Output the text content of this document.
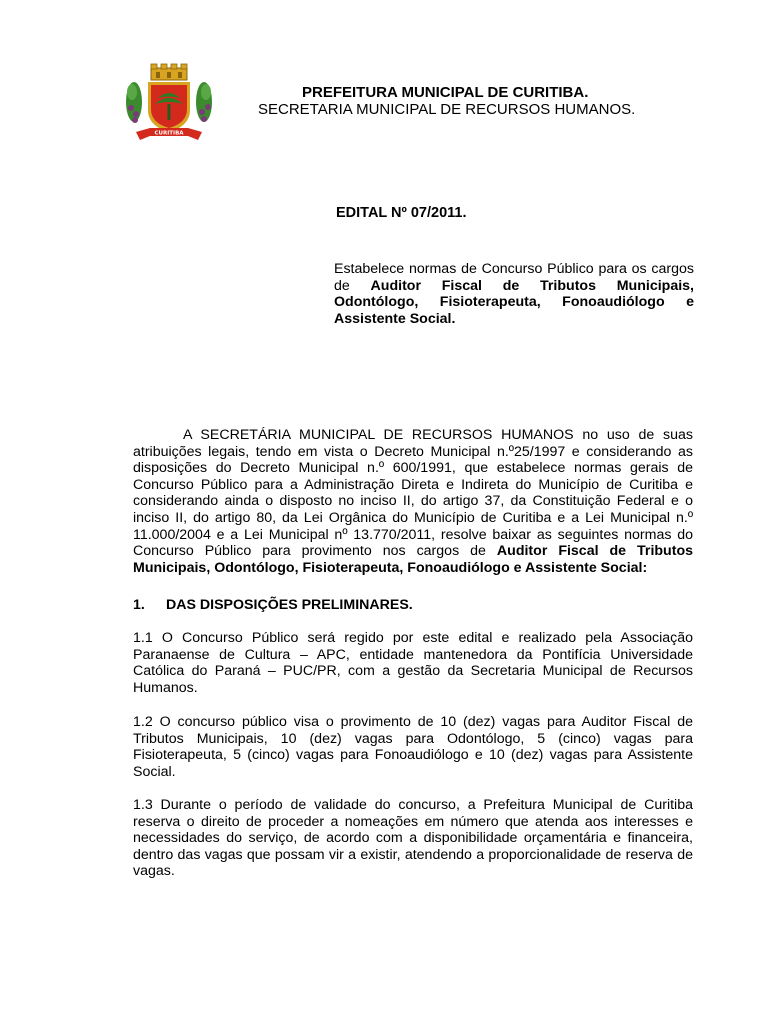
CURITIBA
PREFEITURA MUNICIPAL DE CURITIBA.
SECRETARIA MUNICIPAL DE RECURSOS HUMANOS.
EDITAL Nº 07/2011.
Estabelece normas de Concurso Público para os cargos
de Auditor Fiscal de Tributos Municipais,
Odontólogo, Fisioterapeuta, Fonoaudiólogo e
Assistente Social.
A SECRETÁRIA MUNICIPAL DE RECURSOS HUMANOS no uso de suas
atribuições legais, tendo em vista o Decreto Municipal n.º25/1997 e considerando as
disposições do Decreto Municipal n.º 600/1991, que estabelece normas gerais de
Concurso Público para a Administração Direta e Indireta do Município de Curitiba e
considerando ainda o disposto no inciso II, do artigo 37, da Constituição Federal e o
inciso II, do artigo 80, da Lei Orgânica do Município de Curitiba e a Lei Municipal n.º
11.000/2004 e a Lei Municipal nº 13.770/2011, resolve baixar as seguintes normas do
Concurso Público para provimento nos cargos de Auditor Fiscal de Tributos
Municipais, Odontólogo, Fisioterapeuta, Fonoaudiólogo e Assistente Social:
1. DAS DISPOSIÇÕES PRELIMINARES.
1.1 O Concurso Público será regido por este edital e realizado pela Associação
Paranaense de Cultura – APC, entidade mantenedora da Pontifícia Universidade
Católica do Paraná – PUC/PR, com a gestão da Secretaria Municipal de Recursos
Humanos.
1.2 O concurso público visa o provimento de 10 (dez) vagas para Auditor Fiscal de
Tributos Municipais, 10 (dez) vagas para Odontólogo, 5 (cinco) vagas para
Fisioterapeuta, 5 (cinco) vagas para Fonoaudiólogo e 10 (dez) vagas para Assistente
Social.
1.3 Durante o período de validade do concurso, a Prefeitura Municipal de Curitiba
reserva o direito de proceder a nomeações em número que atenda aos interesses e
necessidades do serviço, de acordo com a disponibilidade orçamentária e financeira,
dentro das vagas que possam vir a existir, atendendo a proporcionalidade de reserva de
vagas.
